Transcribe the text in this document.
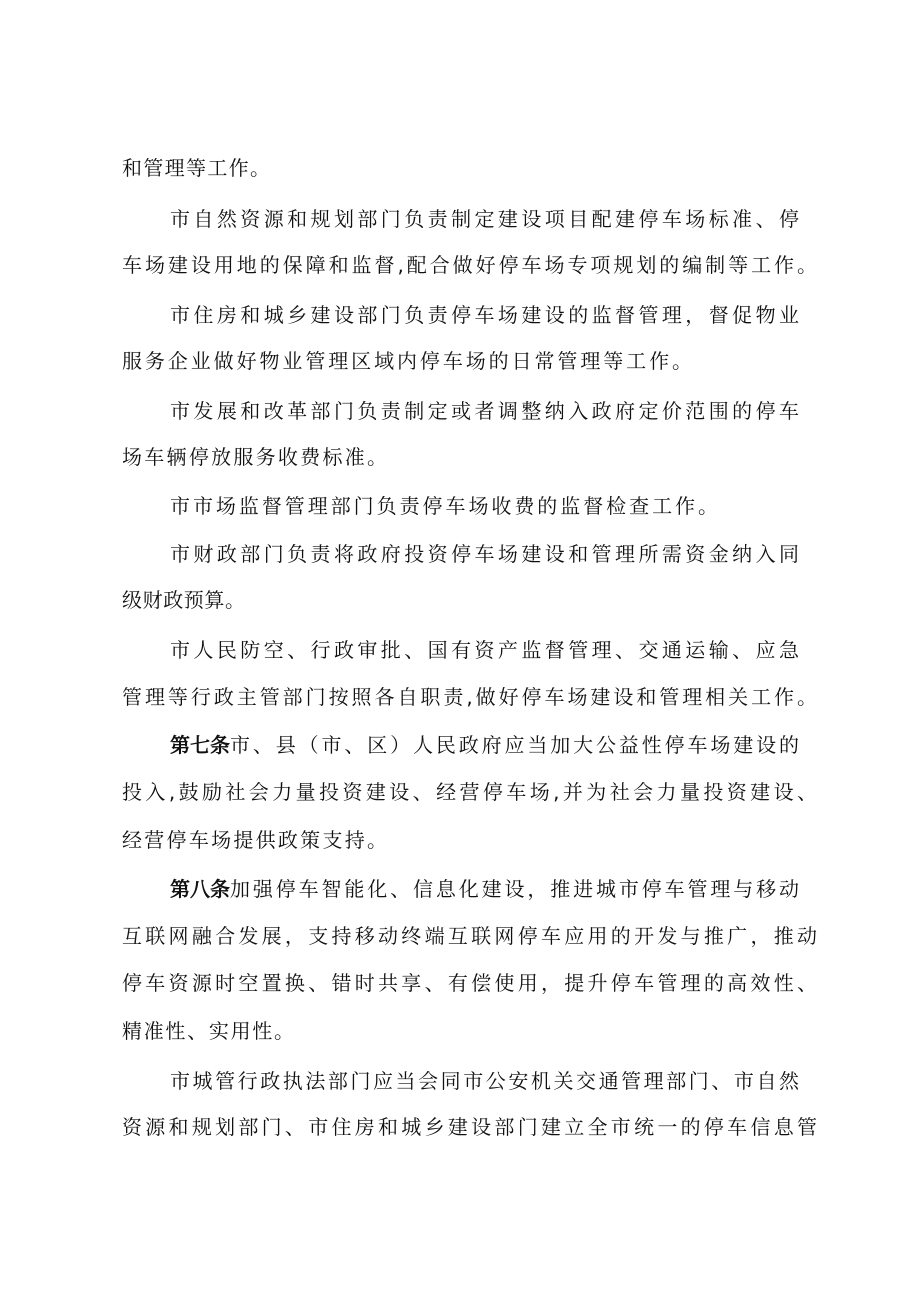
和管理等工作。
市自然资源和规划部门负责制定建设项目配建停车场标准、停
车场建设用地的保障和监督,配合做好停车场专项规划的编制等工作。
市住房和城乡建设部门负责停车场建设的监督管理，督促物业
服务企业做好物业管理区域内停车场的日常管理等工作。
市发展和改革部门负责制定或者调整纳入政府定价范围的停车
场车辆停放服务收费标准。
市市场监督管理部门负责停车场收费的监督检查工作。
市财政部门负责将政府投资停车场建设和管理所需资金纳入同
级财政预算。
市人民防空、行政审批、国有资产监督管理、交通运输、应急
管理等行政主管部门按照各自职责,做好停车场建设和管理相关工作。
第七条 市、县（市、区）人民政府应当加大公益性停车场建设的
投入,鼓励社会力量投资建设、经营停车场,并为社会力量投资建设、
经营停车场提供政策支持。
第八条 加强停车智能化、信息化建设，推进城市停车管理与移动
互联网融合发展，支持移动终端互联网停车应用的开发与推广，推动
停车资源时空置换、错时共享、有偿使用，提升停车管理的高效性、
精准性、实用性。
市城管行政执法部门应当会同市公安机关交通管理部门、市自然
资源和规划部门、市住房和城乡建设部门建立全市统一的停车信息管
